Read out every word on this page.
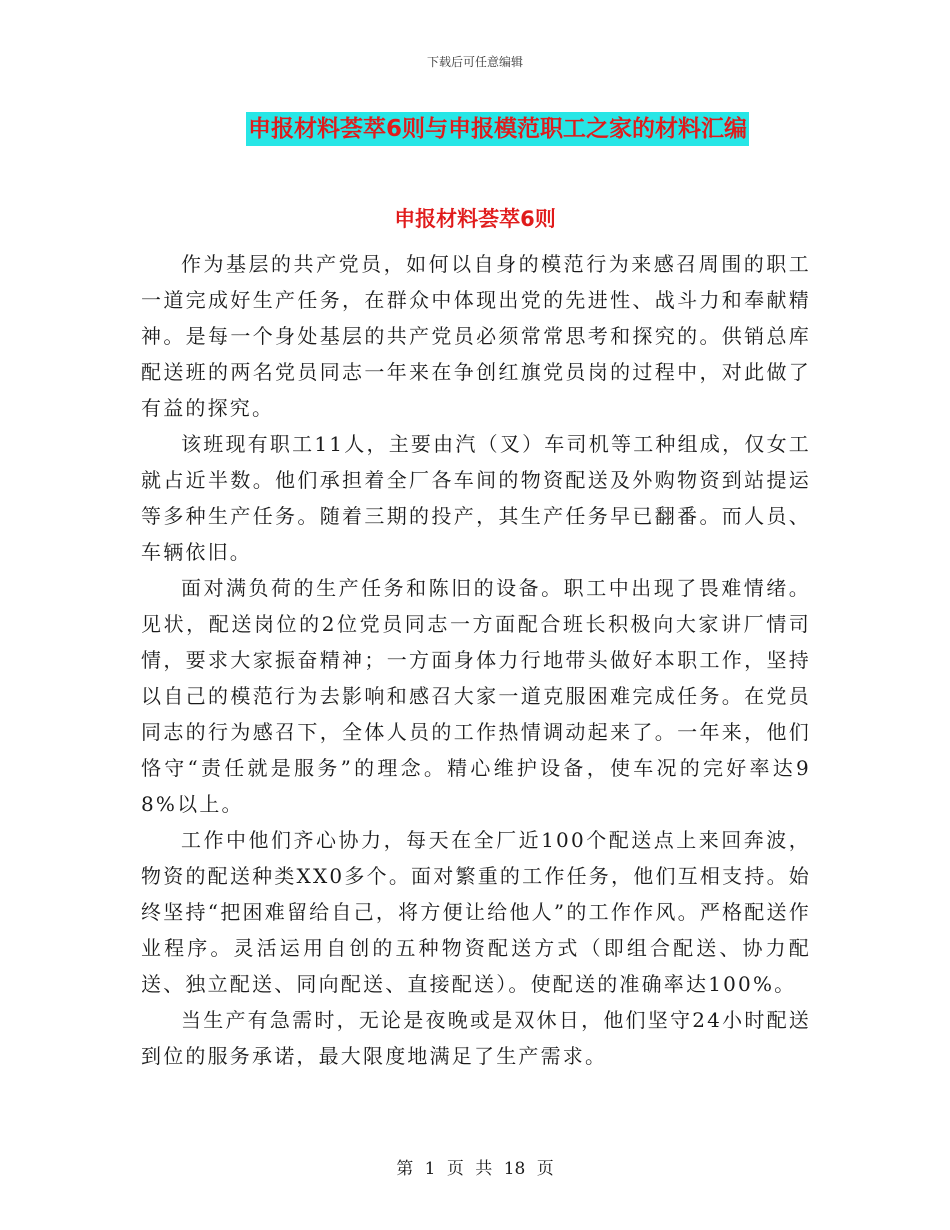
下载后可任意编辑
申报材料荟萃6则与申报模范职工之家的材料汇编
申报材料荟萃6则

作为基层的共产党员，如何以自身的模范行为来感召周围的职工一道完成好生产任务，在群众中体现出党的先进性、战斗力和奉献精神。是每一个身处基层的共产党员必须常常思考和探究的。供销总库配送班的两名党员同志一年来在争创红旗党员岗的过程中，对此做了有益的探究。

该班现有职工11人，主要由汽（叉）车司机等工种组成，仅女工就占近半数。他们承担着全厂各车间的物资配送及外购物资到站提运等多种生产任务。随着三期的投产，其生产任务早已翻番。而人员、车辆依旧。

面对满负荷的生产任务和陈旧的设备。职工中出现了畏难情绪。见状，配送岗位的2位党员同志一方面配合班长积极向大家讲厂情司情，要求大家振奋精神；一方面身体力行地带头做好本职工作，坚持以自己的模范行为去影响和感召大家一道克服困难完成任务。在党员同志的行为感召下，全体人员的工作热情调动起来了。一年来，他们恪守“责任就是服务”的理念。精心维护设备，使车况的完好率达98%以上。

工作中他们齐心协力，每天在全厂近100个配送点上来回奔波，物资的配送种类XX0多个。面对繁重的工作任务，他们互相支持。始终坚持“把困难留给自己，将方便让给他人”的工作作风。严格配送作业程序。灵活运用自创的五种物资配送方式（即组合配送、协力配送、独立配送、同向配送、直接配送）。使配送的准确率达100%。

当生产有急需时，无论是夜晚或是双休日，他们坚守24小时配送到位的服务承诺，最大限度地满足了生产需求。

第 1 页 共 18 页
